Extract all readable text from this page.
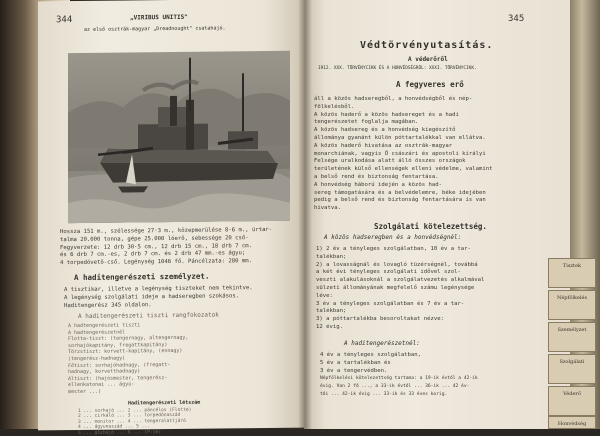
344	„VIRIBUS UNITIS"
az első osztrák-magyar „Dreadnought" csatahajó.
Hossza 151 m., szélessége 27·3 m., közepmerülése 8·6 m., ürtar-
talma 20.000 tonna, gépe 25.000 lóerő, sebessége 20 cső-
Fegyverzete: 12 drb 30·5 cm., 12 drb 15 cm., 18 drb 7 cm.
és 6 drb 7 cm.-es, 2 drb 7 cm. és 2 drb 47 mm.-es ágyu;
4 torpedóvető-cső. Legénység 1046 fő. Páncélzata: 280 mm.
A haditengerészeti személyzet.
A tisztikar, illetve a legénység tiszteket nem tekintve.
A legénység szolgálati ideje a hadseregben szokásos.
Haditengerész 345 oldalon.
A haditengerészeti tiszti rangfokozatok
A hadtengerészeti tiszti
A hadtengerészetnél
Flotta-tiszt: (tengernagy, altengernagy,
sorhajókapitány, fregattkapitány)
Törzstiszt: korvett-kapitány, (ennagy)
(tengerész-hadnagy)
Főtiszt: sorhajóhadnagy, (fregatt-
hadnagy, korvetthadnagy)
Altiszt: (hajósmester, tengerész-
ellenkatonai ... ágyú-
mester ...)
Haditengerészeti létszám
1 ... sorhajó ... 2 ... páncélos (Flotte)
2 ... cirkáló ... 3 ... torpedónaszád
3 ... monitor ... 4 ... tengeralattjáró
4 ... ágyunaszád ... 5 ...
5 ... gőzhajó ... 6 ... (P:16)
345
Védtörvényutasítás.
A véderőről
1912. XXX. TÖRVÉNYCIKK ÉS A HONVÉDSÉGRŐL: XXXI. TÖRVÉNYCIKK.
A fegyveres erő
áll a közös hadseregből, a honvédségből és nép-
fölkelésből.
A közös haderő a közös hadsereget és a hadi
tengerészetet foglalja magában.
A közös hadsereg és a honvédség kiegészítő
állománya gyanánt külön póttartalékkal van ellátva.
A közös haderő hivatása az osztrák-magyar
monarchiának, vagyis Ő császári és apostoli királyi
Felsége uralkodása alatt álló összes országok
területének külső ellenségek elleni védelme, valamint
a belső rend és biztonság fentartása.
A honvédség háború idején a közös had-
sereg támogatására és a belvédelemre, béke idejében
pedig a belső rend és biztonság fentartására is van
hivatva.
Szolgálati kötelezettség.
A közös hadseregben és a honvédségnél:
1) 2 év a tényleges szolgálatban, 10 év a tar-
talékban;
2) a lovasságnál és lovagló tüzérségnél, továbbá
a két évi tényleges szolgálati idővel szol-
veszti alakulásoknál a szolgálatvezetés alkalmával
sülzeti állományának megfelelő számu legénysége
léve:
3 év a tényleges szolgálatban és 7 év a tar-
talékban;
3) a póttartalékba besoroltakat nézve:
12 évig.
A haditengerészetnél:
4 év a tényleges szolgálatban,
5 év a tartalékban és
3 év a tengervédben.
Népfölkelési kötelezettség tartama: a 19-ik évtől a 42-ik
évig. Van 2 fő ..., a 33-ik évtől ... 36-ik ... 42 év-
tői ... 42-ik évig ... 33-ik és 33 éves korig.
Tisztek
Népfölkelés
Személyzet
Szolgálati
Véderő
Honvédség
